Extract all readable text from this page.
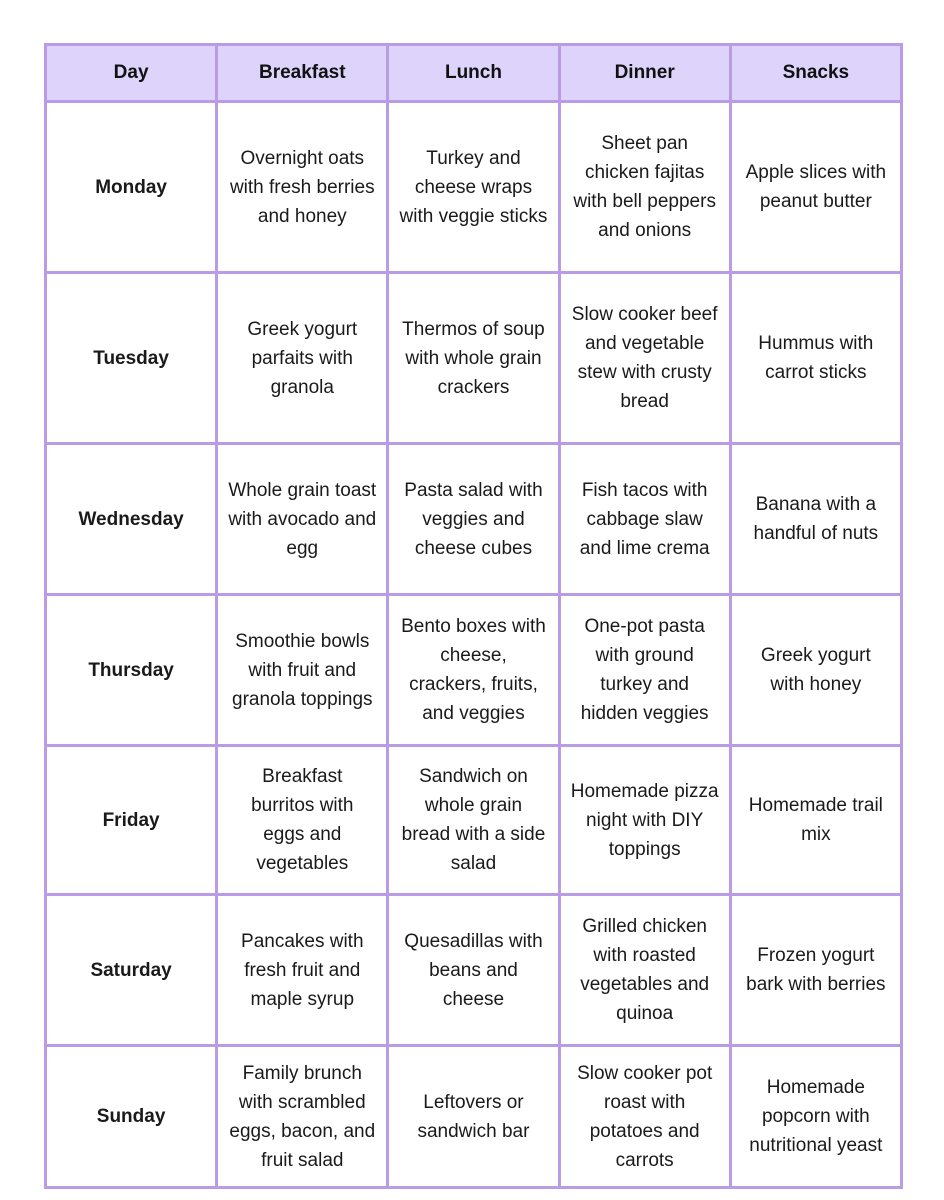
Day	Breakfast	Lunch	Dinner	Snacks
Monday	Overnight oats with fresh berries and honey	Turkey and cheese wraps with veggie sticks	Sheet pan chicken fajitas with bell peppers and onions	Apple slices with peanut butter
Tuesday	Greek yogurt parfaits with granola	Thermos of soup with whole grain crackers	Slow cooker beef and vegetable stew with crusty bread	Hummus with carrot sticks
Wednesday	Whole grain toast with avocado and egg	Pasta salad with veggies and cheese cubes	Fish tacos with cabbage slaw and lime crema	Banana with a handful of nuts
Thursday	Smoothie bowls with fruit and granola toppings	Bento boxes with cheese, crackers, fruits, and veggies	One-pot pasta with ground turkey and hidden veggies	Greek yogurt with honey
Friday	Breakfast burritos with eggs and vegetables	Sandwich on whole grain bread with a side salad	Homemade pizza night with DIY toppings	Homemade trail mix
Saturday	Pancakes with fresh fruit and maple syrup	Quesadillas with beans and cheese	Grilled chicken with roasted vegetables and quinoa	Frozen yogurt bark with berries
Sunday	Family brunch with scrambled eggs, bacon, and fruit salad	Leftovers or sandwich bar	Slow cooker pot roast with potatoes and carrots	Homemade popcorn with nutritional yeast
